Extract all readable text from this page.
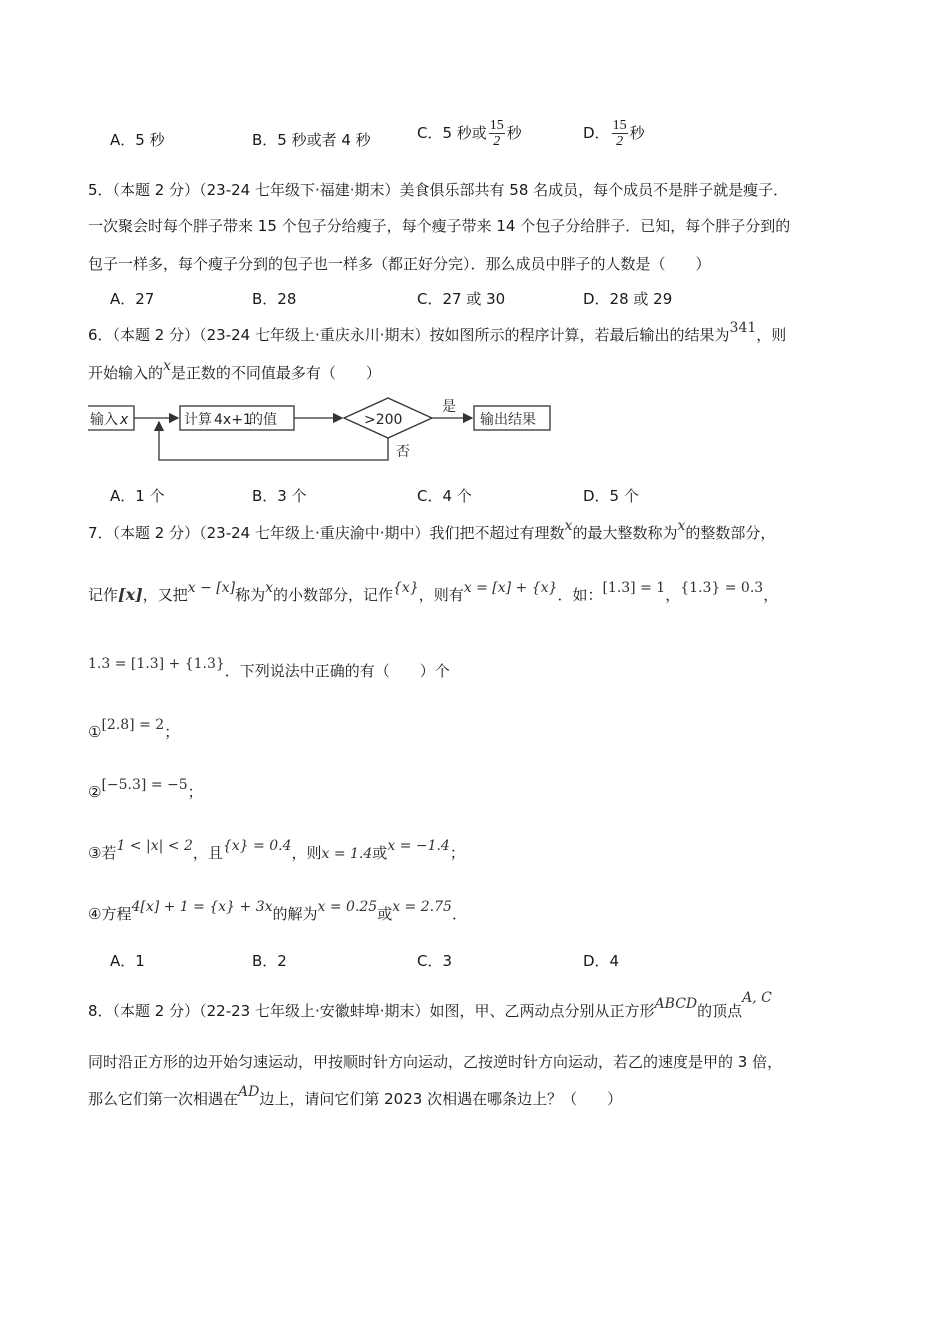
A．5 秒	B．5 秒或者 4 秒	C．5 秒或 $\frac{15}{2}$ 秒	D． $\frac{15}{2}$ 秒
5．（本题 2 分）（23-24 七年级下·福建·期末）美食俱乐部共有 58 名成员，每个成员不是胖子就是瘦子．
一次聚会时每个胖子带来 15 个包子分给瘦子，每个瘦子带来 14 个包子分给胖子．已知，每个胖子分到的
包子一样多，每个瘦子分到的包子也一样多（都正好分完）．那么成员中胖子的人数是（　　）
A．27	B．28	C．27 或 30	D．28 或 29
6．（本题 2 分）（23-24 七年级上·重庆永川·期末）按如图所示的程序计算，若最后输出的结果为341，则
开始输入的x是正数的不同值最多有（　　）
输入 x	计算 4x+1
的值	>200
是
否
输出结果
A．1 个	B．3 个	C．4 个	D．5 个
7．（本题 2 分）（23-24 七年级上·重庆渝中·期中）我们把不超过有理数x的最大整数称为x的整数部分，
记作[x]，又把x − [x]称为x的小数部分，记作{x}，则有x = [x] + {x}．如：[1.3] = 1，{1.3} = 0.3，
1.3 = [1.3] + {1.3}．下列说法中正确的有（　　）个
①[2.8] = 2；
②[−5.3] = −5；
③若1 < |x| < 2，且{x} = 0.4，则x = 1.4或x = −1.4；
④方程4[x] + 1 = {x} + 3x的解为x = 0.25或x = 2.75．
A．1	B．2	C．3	D．4
8．（本题 2 分）（22-23 七年级上·安徽蚌埠·期末）如图，甲、乙两动点分别从正方形ABCD的顶点A, C
同时沿正方形的边开始匀速运动，甲按顺时针方向运动，乙按逆时针方向运动，若乙的速度是甲的 3 倍，
那么它们第一次相遇在AD边上，请问它们第 2023 次相遇在哪条边上？（　　）
